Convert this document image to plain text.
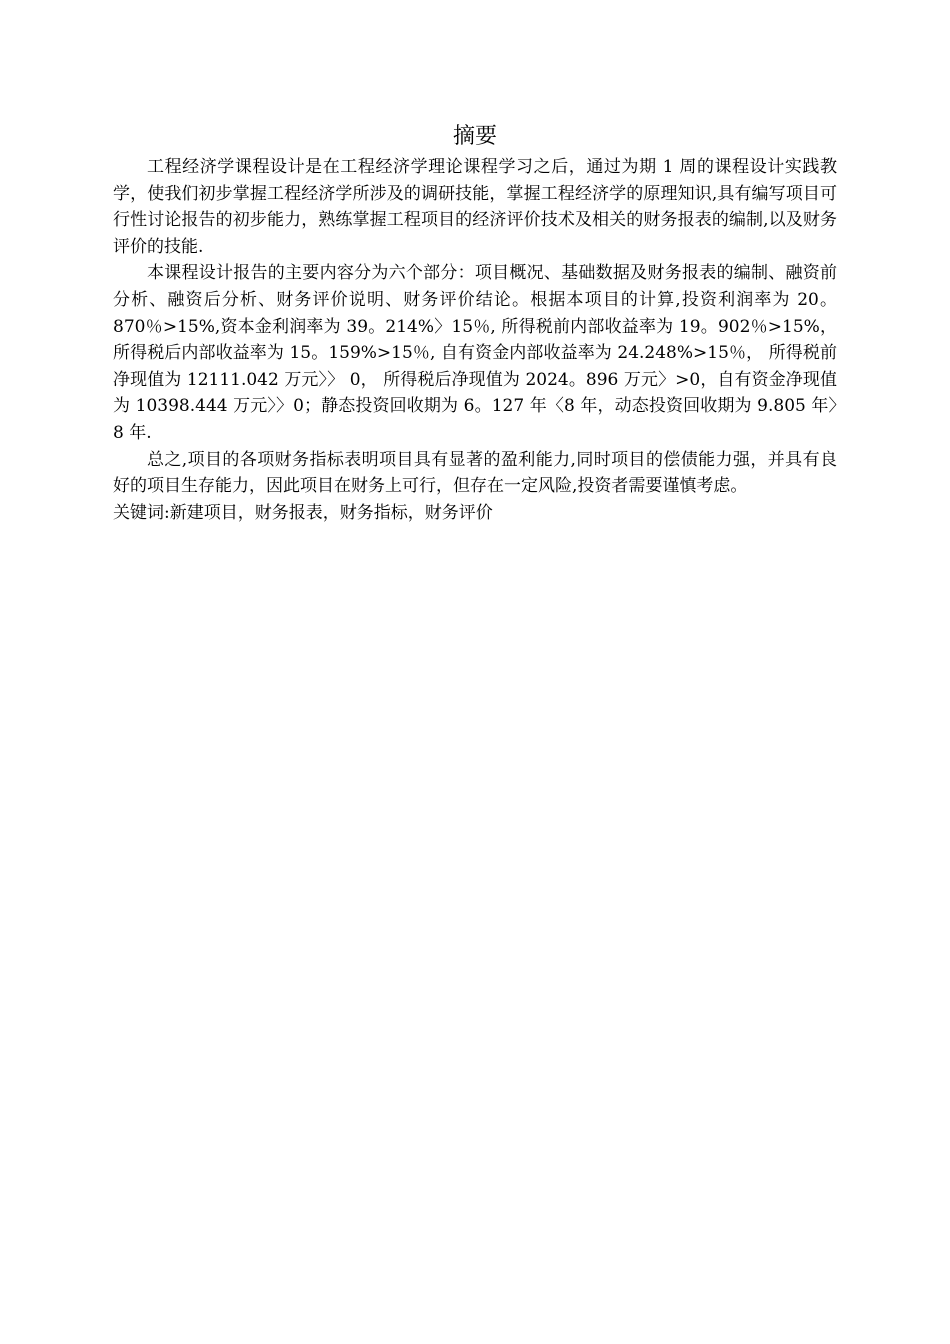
摘要

工程经济学课程设计是在工程经济学理论课程学习之后，通过为期 1 周的课程设计实践教学，使我们初步掌握工程经济学所涉及的调研技能，掌握工程经济学的原理知识,具有编写项目可行性讨论报告的初步能力，熟练掌握工程项目的经济评价技术及相关的财务报表的编制,以及财务评价的技能.

本课程设计报告的主要内容分为六个部分：项目概况、基础数据及财务报表的编制、融资前分析、融资后分析、财务评价说明、财务评价结论。根据本项目的计算,投资利润率为 20。870％>15%,资本金利润率为 39。214%〉15％, 所得税前内部收益率为 19。902％>15%，所得税后内部收益率为 15。159%>15％, 自有资金内部收益率为 24.248%>15％， 所得税前净现值为 12111.042 万元〉〉 0， 所得税后净现值为 2024。896 万元〉>0，自有资金净现值为 10398.444 万元〉〉0；静态投资回收期为 6。127 年〈8 年，动态投资回收期为 9.805 年〉8 年.

总之,项目的各项财务指标表明项目具有显著的盈利能力,同时项目的偿债能力强，并具有良好的项目生存能力，因此项目在财务上可行，但存在一定风险,投资者需要谨慎考虑。

关键词:新建项目，财务报表，财务指标，财务评价
